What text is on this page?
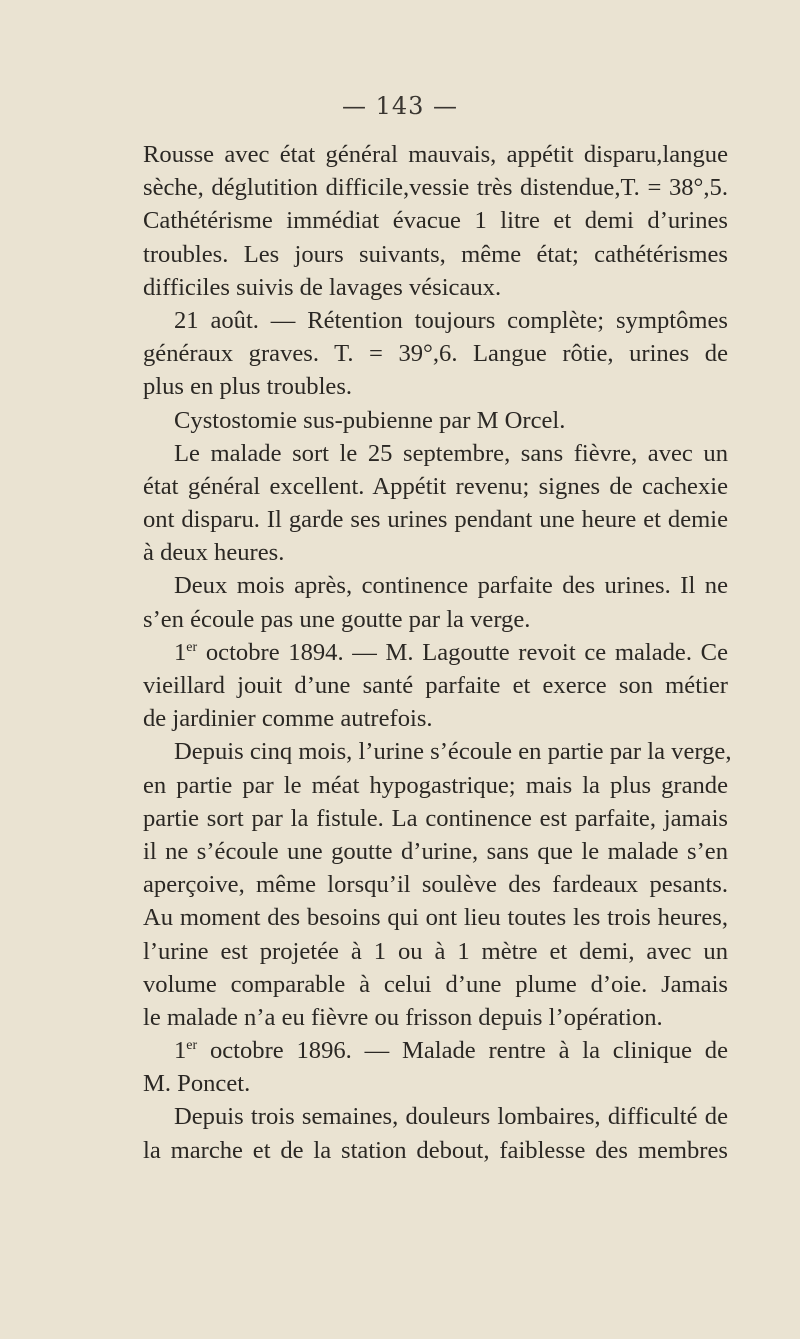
— 143 —
Rousse avec état général mauvais, appétit disparu,langue
sèche, déglutition difficile,vessie très distendue,T. = 38°,5.
Cathétérisme immédiat évacue 1 litre et demi d’urines
troubles. Les jours suivants, même état; cathétérismes
difficiles suivis de lavages vésicaux.
21 août. — Rétention toujours complète; symptômes
généraux graves. T. = 39°,6. Langue rôtie, urines de
plus en plus troubles.
Cystostomie sus-pubienne par M Orcel.
Le malade sort le 25 septembre, sans fièvre, avec un
état général excellent. Appétit revenu; signes de cachexie
ont disparu. Il garde ses urines pendant une heure et demie
à deux heures.
Deux mois après, continence parfaite des urines. Il ne
s’en écoule pas une goutte par la verge.
1er octobre 1894. — M. Lagoutte revoit ce malade. Ce
vieillard jouit d’une santé parfaite et exerce son métier
de jardinier comme autrefois.
Depuis cinq mois, l’urine s’écoule en partie par la verge,
en partie par le méat hypogastrique; mais la plus grande
partie sort par la fistule. La continence est parfaite, jamais
il ne s’écoule une goutte d’urine, sans que le malade s’en
aperçoive, même lorsqu’il soulève des fardeaux pesants.
Au moment des besoins qui ont lieu toutes les trois heures,
l’urine est projetée à 1 ou à 1 mètre et demi, avec un
volume comparable à celui d’une plume d’oie. Jamais
le malade n’a eu fièvre ou frisson depuis l’opération.
1er octobre 1896. — Malade rentre à la clinique de
M. Poncet.
Depuis trois semaines, douleurs lombaires, difficulté de
la marche et de la station debout, faiblesse des membres
